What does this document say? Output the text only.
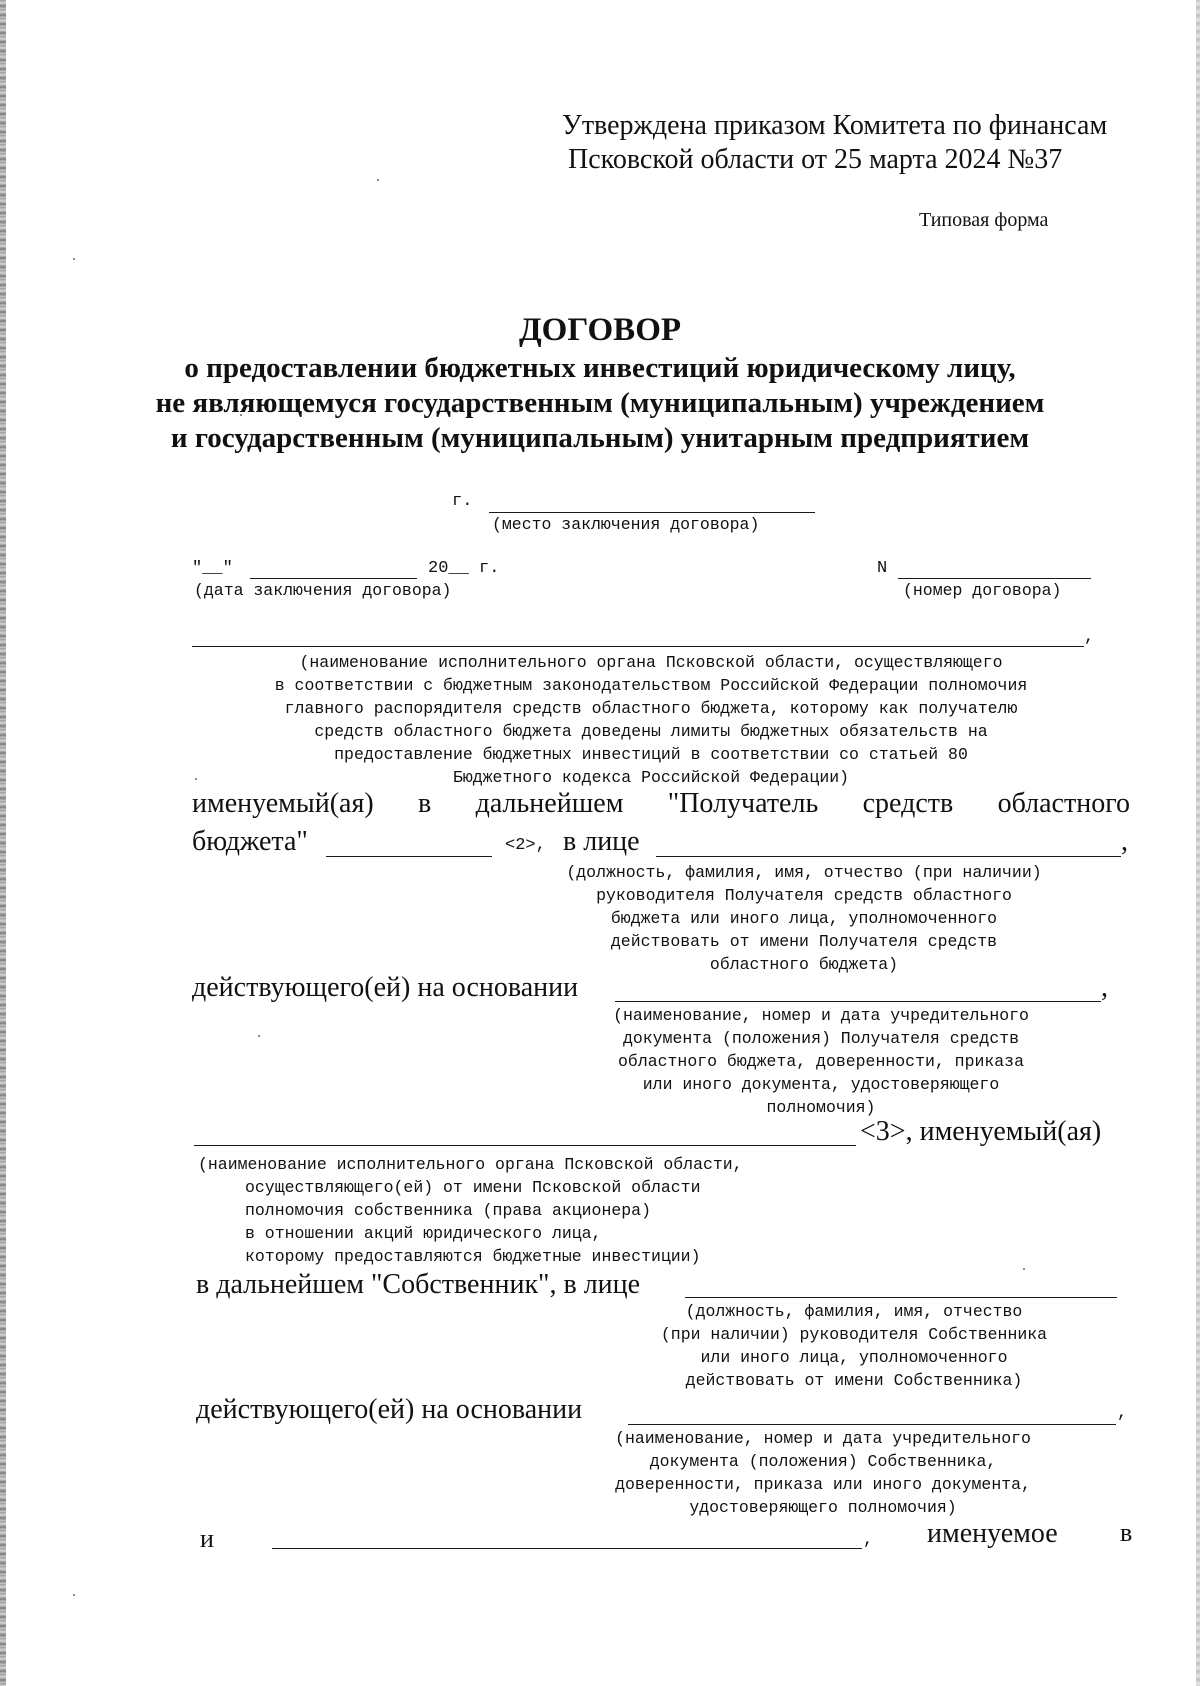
Утверждена приказом Комитета по финансам
Псковской области от 25 марта 2024 №37
Типовая форма
ДОГОВОР
о предоставлении бюджетных инвестиций юридическому лицу,
не являющемуся государственным (муниципальным) учреждением
и государственным (муниципальным) унитарным предприятием
г.
(место заключения договора)
"__"	20__ г.
(дата заключения договора)
N
(номер договора)
,
(наименование исполнительного органа Псковской области, осуществляющего
в соответствии с бюджетным законодательством Российской Федерации полномочия
главного распорядителя средств областного бюджета, которому как получателю
средств областного бюджета доведены лимиты бюджетных обязательств на
предоставление бюджетных инвестиций в соответствии со статьей 80
Бюджетного кодекса Российской Федерации)
именуемый(ая) в дальнейшем "Получатель средств областного
бюджета"	<2>, в лице	,
(должность, фамилия, имя, отчество (при наличии)
руководителя Получателя средств областного
бюджета или иного лица, уполномоченного
действовать от имени Получателя средств
областного бюджета)
действующего(ей) на основании	,
(наименование, номер и дата учредительного
документа (положения) Получателя средств
областного бюджета, доверенности, приказа
или иного документа, удостоверяющего
полномочия)
<3>, именуемый(ая)
(наименование исполнительного органа Псковской области,
осуществляющего(ей) от имени Псковской области
полномочия собственника (права акционера)
в отношении акций юридического лица,
которому предоставляются бюджетные инвестиции)
в дальнейшем "Собственник", в лице
(должность, фамилия, имя, отчество
(при наличии) руководителя Собственника
или иного лица, уполномоченного
действовать от имени Собственника)
действующего(ей) на основании	,
(наименование, номер и дата учредительного
документа (положения) Собственника,
доверенности, приказа или иного документа,
удостоверяющего полномочия)
и	, именуемое в
